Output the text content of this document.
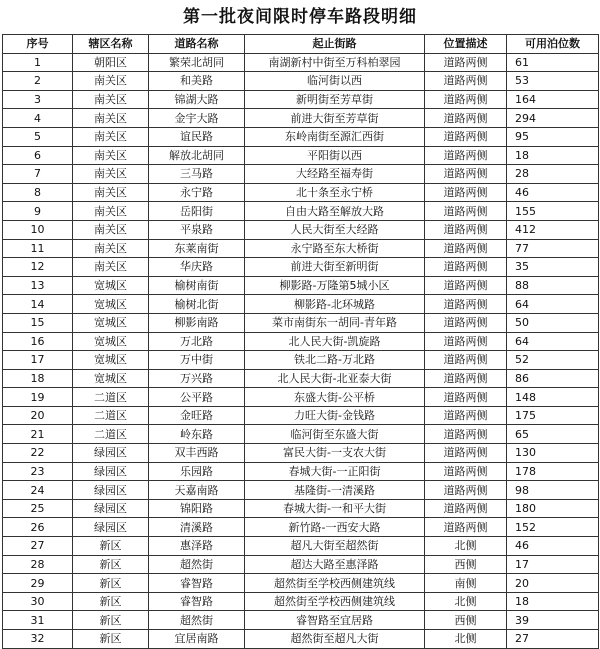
第一批夜间限时停车路段明细
序号	辖区名称	道路名称	起止街路	位置描述	可用泊位数
1	朝阳区	繁荣北胡同	南湖新村中街至万科柏翠园	道路两侧	61
2	南关区	和美路	临河街以西	道路两侧	53
3	南关区	锦湖大路	新明街至芳草街	道路两侧	164
4	南关区	金宇大路	前进大街至芳草街	道路两侧	294
5	南关区	谊民路	东岭南街至源汇西街	道路两侧	95
6	南关区	解放北胡同	平阳街以西	道路两侧	18
7	南关区	三马路	大经路至福寿街	道路两侧	28
8	南关区	永宁路	北十条至永宁桥	道路两侧	46
9	南关区	岳阳街	自由大路至解放大路	道路两侧	155
10	南关区	平泉路	人民大街至大经路	道路两侧	412
11	南关区	东莱南街	永宁路至东大桥街	道路两侧	77
12	南关区	华庆路	前进大街至新明街	道路两侧	35
13	宽城区	榆树南街	柳影路-万隆第5城小区	道路两侧	88
14	宽城区	榆树北街	柳影路-北环城路	道路两侧	64
15	宽城区	柳影南路	菜市南街东一胡同-青年路	道路两侧	50
16	宽城区	万北路	北人民大街-凯旋路	道路两侧	64
17	宽城区	万中街	铁北二路-万北路	道路两侧	52
18	宽城区	万兴路	北人民大街-北亚泰大街	道路两侧	86
19	二道区	公平路	东盛大街-公平桥	道路两侧	148
20	二道区	金旺路	力旺大街-金钱路	道路两侧	175
21	二道区	岭东路	临河街至东盛大街	道路两侧	65
22	绿园区	双丰西路	富民大街-一支农大街	道路两侧	130
23	绿园区	乐园路	春城大街-一正阳街	道路两侧	178
24	绿园区	天嘉南路	基隆街-一清溪路	道路两侧	98
25	绿园区	锦阳路	春城大街-一和平大街	道路两侧	180
26	绿园区	清溪路	新竹路-一西安大路	道路两侧	152
27	新区	惠泽路	超凡大街至超然街	北侧	46
28	新区	超然街	超达大路至惠泽路	西侧	17
29	新区	睿智路	超然街至学校西侧建筑线	南侧	20
30	新区	睿智路	超然街至学校西侧建筑线	北侧	18
31	新区	超然街	睿智路至宜居路	西侧	39
32	新区	宜居南路	超然街至超凡大街	北侧	27
